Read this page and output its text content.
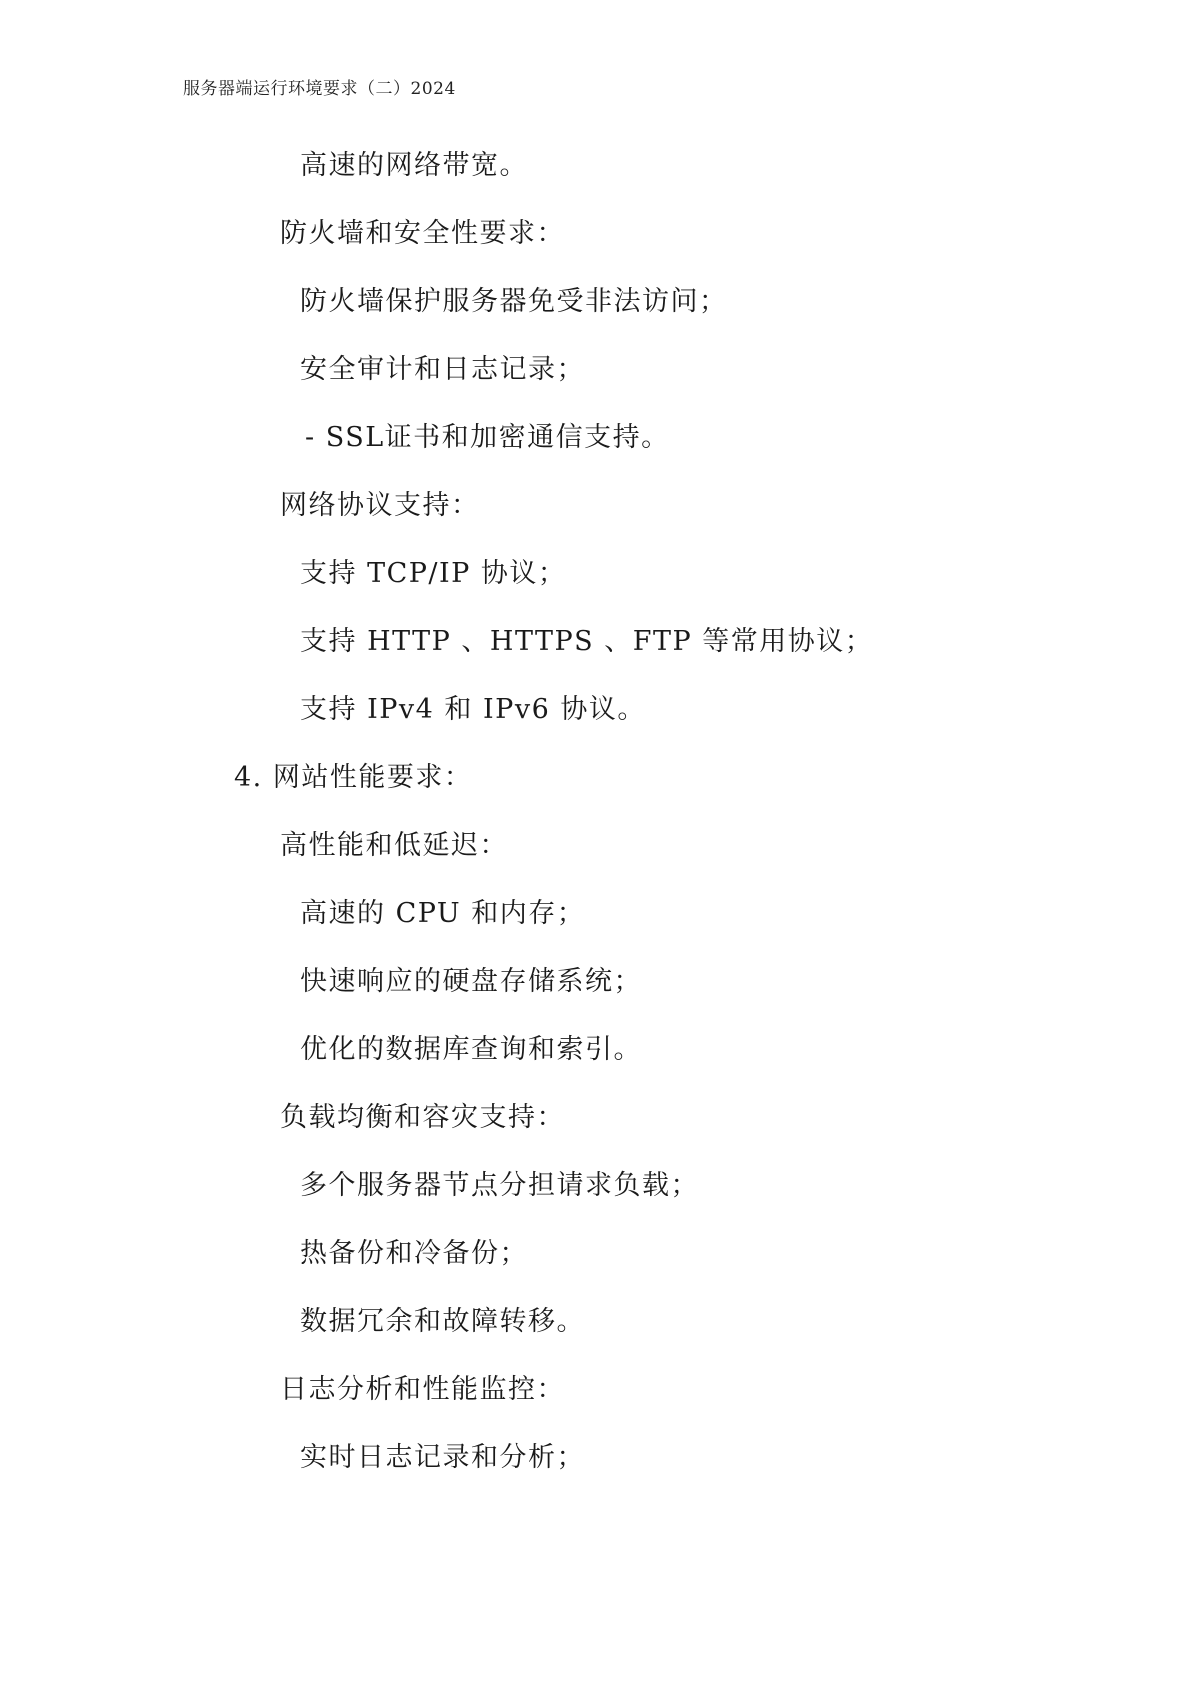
服务器端运行环境要求（二）2024
高速的网络带宽。
防火墙和安全性要求：
防火墙保护服务器免受非法访问；
安全审计和日志记录；
- SSL证书和加密通信支持。
网络协议支持：
支持 TCP/IP 协议；
支持 HTTP 、HTTPS 、FTP 等常用协议；
支持 IPv4 和 IPv6 协议。
4. 网站性能要求：
高性能和低延迟：
高速的 CPU 和内存；
快速响应的硬盘存储系统；
优化的数据库查询和索引。
负载均衡和容灾支持：
多个服务器节点分担请求负载；
热备份和冷备份；
数据冗余和故障转移。
日志分析和性能监控：
实时日志记录和分析；
